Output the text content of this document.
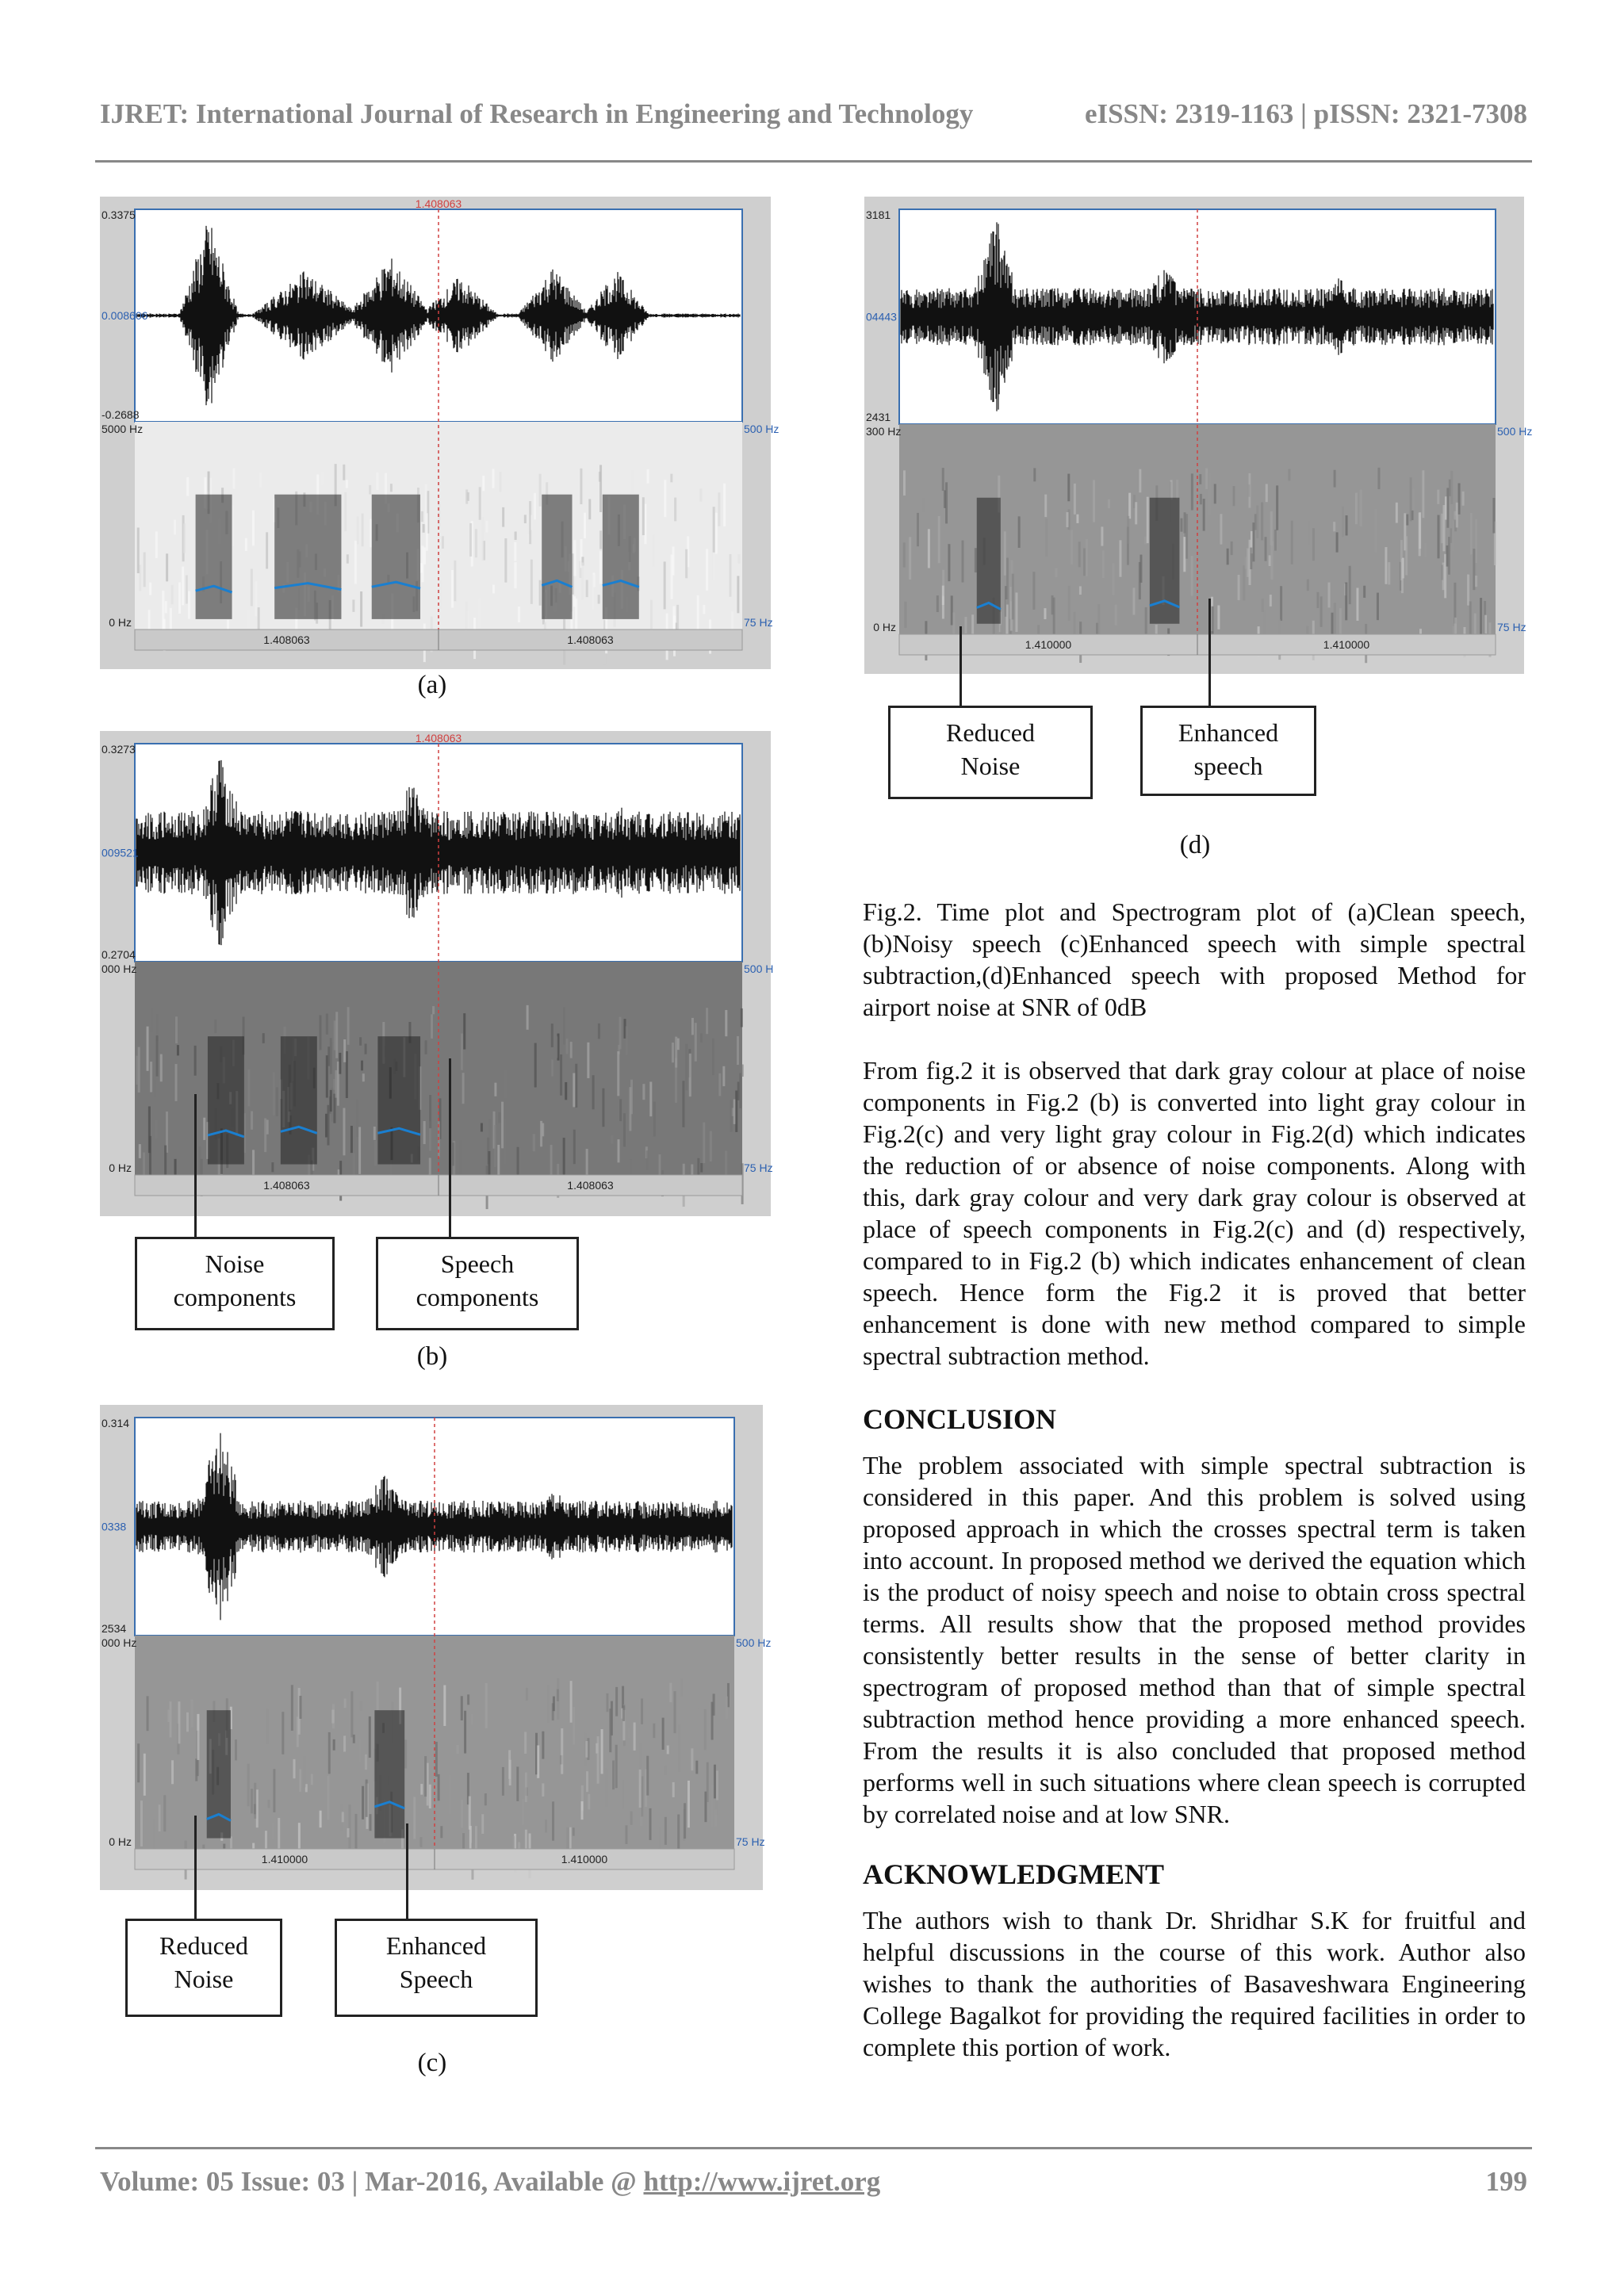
IJRET: International Journal of Research in Engineering and Technology	eISSN: 2319-1163 | pISSN: 2321-7308
1.408063
0.3375
0.008606
-0.2688
5000 Hz
0 Hz
500 Hz
75 Hz
1.408063	1.408063
(a)
1.408063
0.3273
009521
0.2704
000 Hz
0 Hz
500 H
75 Hz
1.408063	1.408063
Noise
components
Speech
components
(b)
0.314
0338
2534
000 Hz
0 Hz
500 Hz
75 Hz
1.410000	1.410000
Reduced
Noise
Enhanced
Speech
(c)
3181
04443
2431
300 Hz
0 Hz
500 Hz
75 Hz
1.410000	1.410000
Reduced
Noise
Enhanced
speech
(d)

Fig.2. Time plot and Spectrogram plot of (a)Clean speech, (b)Noisy speech (c)Enhanced speech with simple spectral subtraction,(d)Enhanced speech with proposed Method for airport noise at SNR of 0dB

From fig.2 it is observed that dark gray colour at place of noise components in Fig.2 (b) is converted into light gray colour in Fig.2(c) and very light gray colour in Fig.2(d) which indicates the reduction of or absence of noise components. Along with this, dark gray colour and very dark gray colour is observed at place of speech components in Fig.2(c) and (d) respectively, compared to in Fig.2 (b) which indicates enhancement of clean speech. Hence form the Fig.2 it is proved that better enhancement is done with new method compared to simple spectral subtraction method.

CONCLUSION

The problem associated with simple spectral subtraction is considered in this paper. And this problem is solved using proposed approach in which the crosses spectral term is taken into account. In proposed method we derived the equation which is the product of noisy speech and noise to obtain cross spectral terms. All results show that the proposed method provides consistently better results in the sense of better clarity in spectrogram of proposed method than that of simple spectral subtraction method hence providing a more enhanced speech. From the results it is also concluded that proposed method performs well in such situations where clean speech is corrupted by correlated noise and at low SNR.

ACKNOWLEDGMENT

The authors wish to thank Dr. Shridhar S.K for fruitful and helpful discussions in the course of this work. Author also wishes to thank the authorities of Basaveshwara Engineering College Bagalkot for providing the required facilities in order to complete this portion of work.

Volume: 05 Issue: 03 | Mar-2016, Available @ http://www.ijret.org	199
